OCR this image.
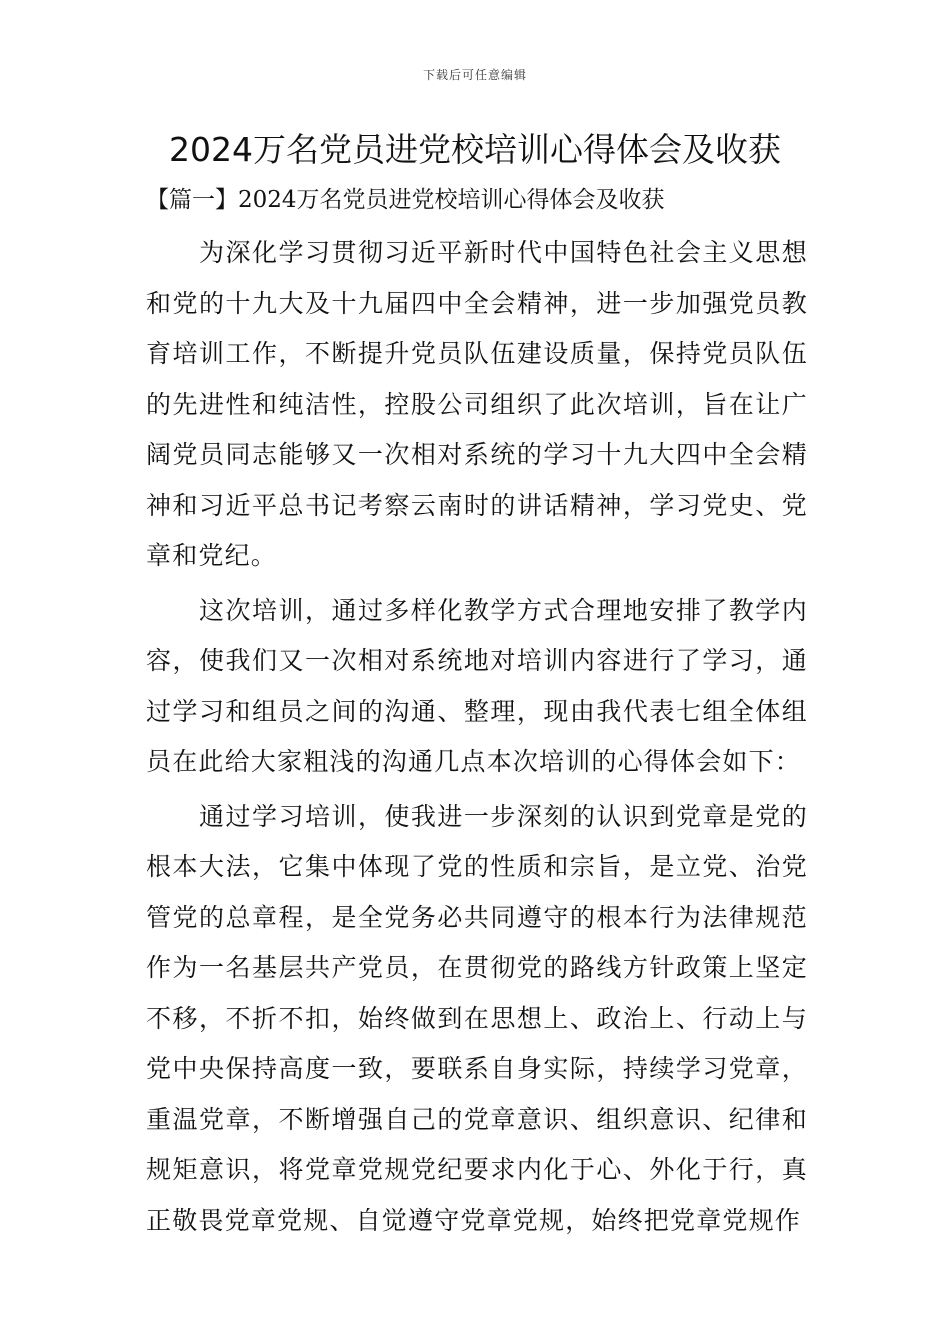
下载后可任意编辑
2024万名党员进党校培训心得体会及收获
【篇一】2024万名党员进党校培训心得体会及收获

为深化学习贯彻习近平新时代中国特色社会主义思想和党的十九大及十九届四中全会精神，进一步加强党员教育培训工作，不断提升党员队伍建设质量，保持党员队伍的先进性和纯洁性，控股公司组织了此次培训，旨在让广阔党员同志能够又一次相对系统的学习十九大四中全会精神和习近平总书记考察云南时的讲话精神，学习党史、党章和党纪。

这次培训，通过多样化教学方式合理地安排了教学内容，使我们又一次相对系统地对培训内容进行了学习，通过学习和组员之间的沟通、整理，现由我代表七组全体组员在此给大家粗浅的沟通几点本次培训的心得体会如下：

通过学习培训，使我进一步深刻的认识到党章是党的根本大法，它集中体现了党的性质和宗旨，是立党、治党管党的总章程，是全党务必共同遵守的根本行为法律规范作为一名基层共产党员，在贯彻党的路线方针政策上坚定不移，不折不扣，始终做到在思想上、政治上、行动上与党中央保持高度一致，要联系自身实际，持续学习党章，重温党章，不断增强自己的党章意识、组织意识、纪律和规矩意识，将党章党规党纪要求内化于心、外化于行，真正敬畏党章党规、自觉遵守党章党规，始终把党章党规作
